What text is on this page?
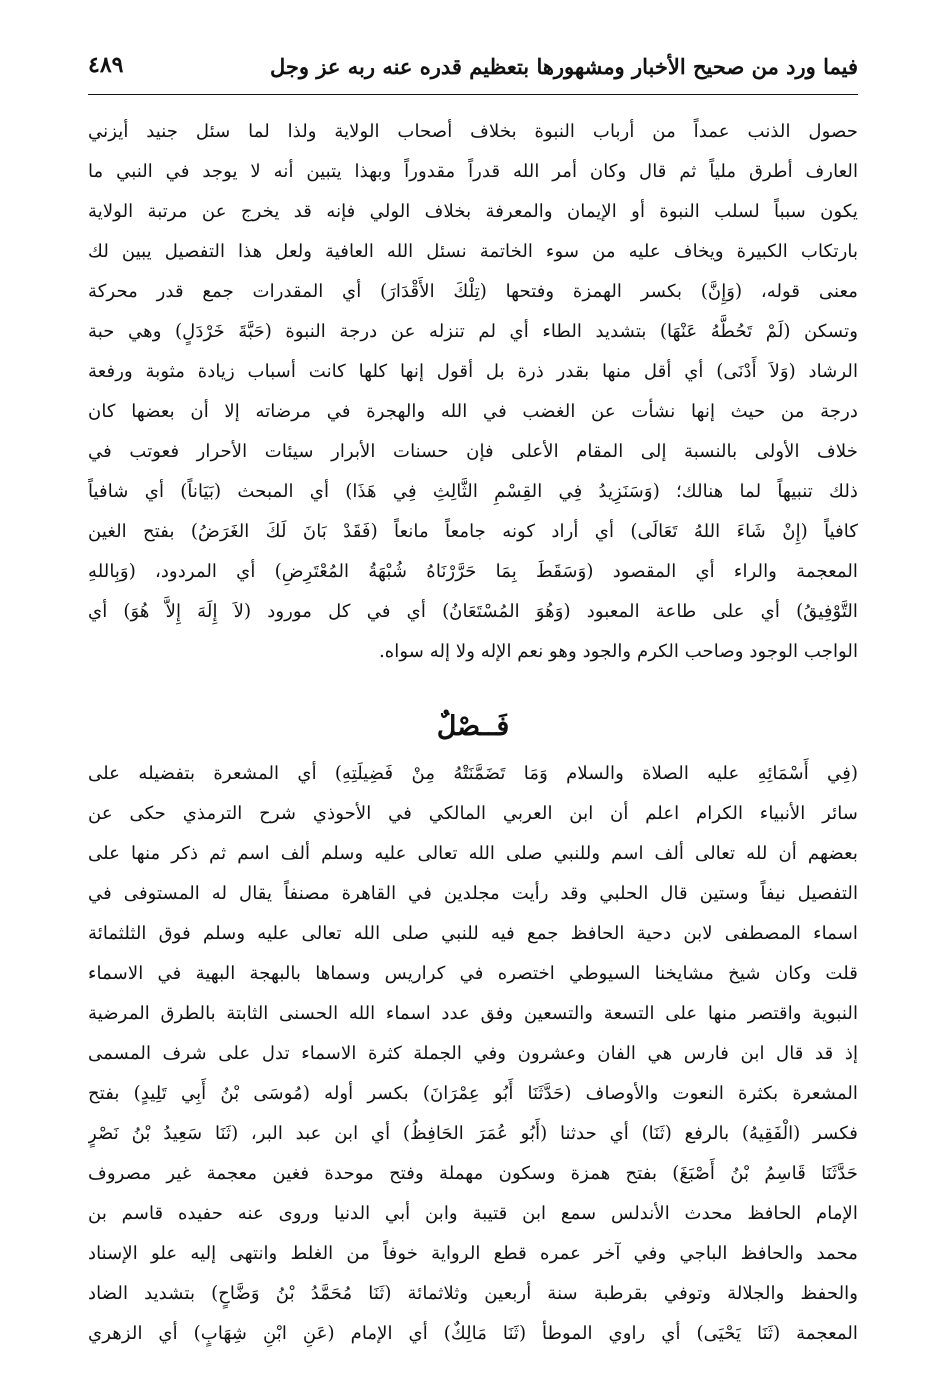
فيما ورد من صحيح الأخبار ومشهورها بتعظيم قدره عنه ربه عز وجل
٤٨٩
حصول الذنب عمداً من أرباب النبوة بخلاف أصحاب الولاية ولذا لما سئل جنيد أيزني
العارف أطرق ملياً ثم قال وكان أمر الله قدراً مقدوراً وبهذا يتبين أنه لا يوجد في النبي ما
يكون سبباً لسلب النبوة أو الإيمان والمعرفة بخلاف الولي فإنه قد يخرج عن مرتبة الولاية
بارتكاب الكبيرة ويخاف عليه من سوء الخاتمة نسئل الله العافية ولعل هذا التفصيل يبين لك
معنى قوله، (وَإِنَّ) بكسر الهمزة وفتحها (تِلْكَ الأَقْدَارَ) أي المقدرات جمع قدر محركة
وتسكن (لَمْ تَحُطَّهُ عَنْهَا) بتشديد الطاء أي لم تنزله عن درجة النبوة (حَبَّةَ خَرْدَلٍ) وهي حبة
الرشاد (وَلاَ أَدْنَى) أي أقل منها بقدر ذرة بل أقول إنها كلها كانت أسباب زيادة مثوبة ورفعة
درجة من حيث إنها نشأت عن الغضب في الله والهجرة في مرضاته إلا أن بعضها كان
خلاف الأولى بالنسبة إلى المقام الأعلى فإن حسنات الأبرار سيئات الأحرار فعوتب في
ذلك تنبيهاً لما هنالك؛ (وَسَنَزِيدُ فِي القِسْمِ الثَّالِثِ فِي هَذَا) أي المبحث (بَيَاناً) أي شافياً
كافياً (إِنْ شَاءَ اللهُ تَعَالَى) أي أراد كونه جامعاً مانعاً (فَقَدْ بَانَ لَكَ الغَرَضُ) بفتح الغين
المعجمة والراء أي المقصود (وَسَقَطَ بِمَا حَرَّرْنَاهُ شُبْهَةُ المُعْتَرِضِ) أي المردود، (وَبِاللهِ
التَّوْفِيقُ) أي على طاعة المعبود (وَهُوَ المُسْتَعَانُ) أي في كل مورود (لاَ إِلَهَ إِلاَّ هُوَ) أي
الواجب الوجود وصاحب الكرم والجود وهو نعم الإله ولا إله سواه.
فَــصْلٌ
(فِي أَسْمَائِهِ عليه الصلاة والسلام وَمَا تَضَمَّنَتْهُ مِنْ فَضِيلَتِهِ) أي المشعرة بتفضيله على
سائر الأنبياء الكرام اعلم أن ابن العربي المالكي في الأحوذي شرح الترمذي حكى عن
بعضهم أن لله تعالى ألف اسم وللنبي صلى الله تعالى عليه وسلم ألف اسم ثم ذكر منها على
التفصيل نيفاً وستين قال الحلبي وقد رأيت مجلدين في القاهرة مصنفاً يقال له المستوفى في
اسماء المصطفى لابن دحية الحافظ جمع فيه للنبي صلى الله تعالى عليه وسلم فوق الثلثمائة
قلت وكان شيخ مشايخنا السيوطي اختصره في كراريس وسماها بالبهجة البهية في الاسماء
النبوية واقتصر منها على التسعة والتسعين وفق عدد اسماء الله الحسنى الثابتة بالطرق المرضية
إذ قد قال ابن فارس هي الفان وعشرون وفي الجملة كثرة الاسماء تدل على شرف المسمى
المشعرة بكثرة النعوت والأوصاف (حَدَّثَنَا أَبُو عِمْرَانَ) بكسر أوله (مُوسَى بْنُ أَبِي تَلِيدٍ) بفتح
فكسر (الْفَقِيهُ) بالرفع (ثَنَا) أي حدثنا (أَبُو عُمَرَ الحَافِظُ) أي ابن عبد البر، (ثَنَا سَعِيدُ بْنُ نَصْرٍ
حَدَّثَنَا قَاسِمُ بْنُ أَصْبَغَ) بفتح همزة وسكون مهملة وفتح موحدة فغين معجمة غير مصروف
الإمام الحافظ محدث الأندلس سمع ابن قتيبة وابن أبي الدنيا وروى عنه حفيده قاسم بن
محمد والحافظ الباجي وفي آخر عمره قطع الرواية خوفاً من الغلط وانتهى إليه علو الإسناد
والحفظ والجلالة وتوفي بقرطبة سنة أربعين وثلاثمائة (ثَنَا مُحَمَّدُ بْنُ وَضَّاحٍ) بتشديد الضاد
المعجمة (ثَنَا يَحْيَى) أي راوي الموطأ (ثَنَا مَالِكٌ) أي الإمام (عَنِ ابْنِ شِهَابٍ) أي الزهري
